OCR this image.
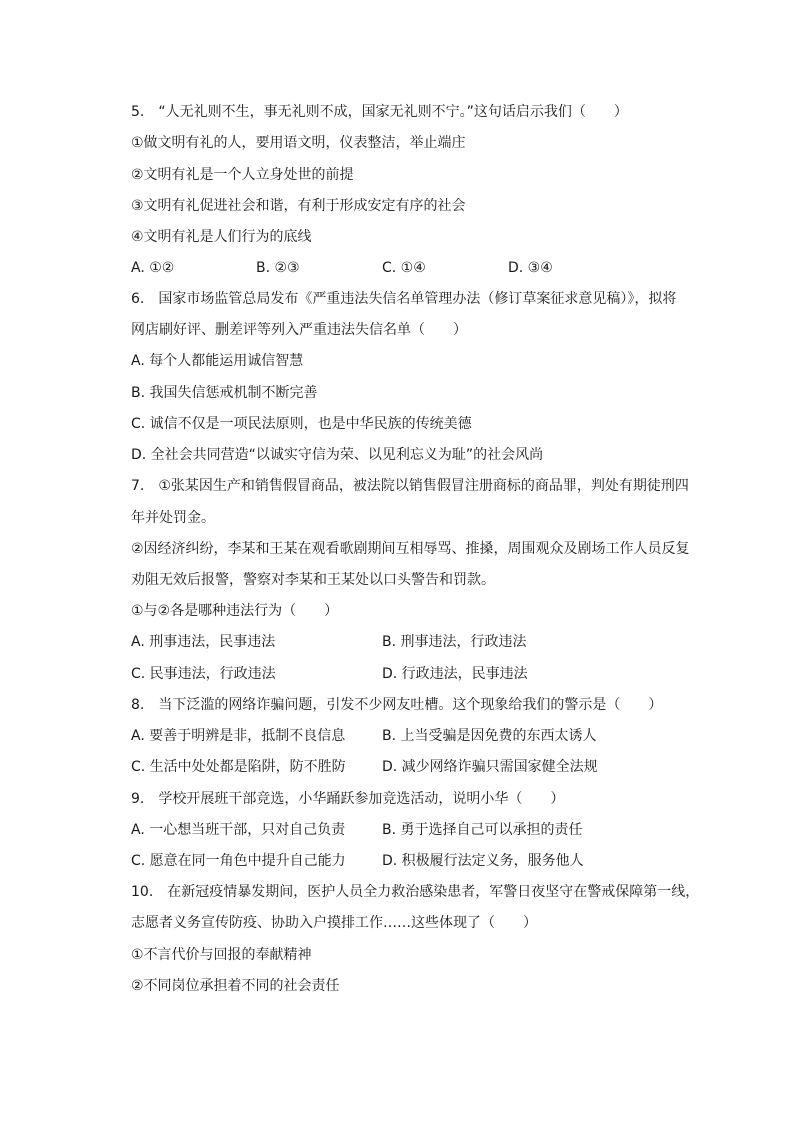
5.　“人无礼则不生，事无礼则不成，国家无礼则不宁。”这句话启示我们（　　）
①做文明有礼的人，要用语文明，仪表整洁，举止端庄
②文明有礼是一个人立身处世的前提
③文明有礼促进社会和谐，有利于形成安定有序的社会
④文明有礼是人们行为的底线
A. ①②	B. ②③	C. ①④	D. ③④
6.　国家市场监管总局发布《严重违法失信名单管理办法（修订草案征求意见稿）》，拟将
网店刷好评、删差评等列入严重违法失信名单（　　）
A. 每个人都能运用诚信智慧
B. 我国失信惩戒机制不断完善
C. 诚信不仅是一项民法原则，也是中华民族的传统美德
D. 全社会共同营造“以诚实守信为荣、以见利忘义为耻”的社会风尚
7.　①张某因生产和销售假冒商品，被法院以销售假冒注册商标的商品罪，判处有期徒刑四
年并处罚金。
②因经济纠纷，李某和王某在观看歌剧期间互相辱骂、推搡，周围观众及剧场工作人员反复
劝阻无效后报警，警察对李某和王某处以口头警告和罚款。
①与②各是哪种违法行为（　　）
A. 刑事违法，民事违法	B. 刑事违法，行政违法
C. 民事违法，行政违法	D. 行政违法，民事违法
8.　当下泛滥的网络诈骗问题，引发不少网友吐槽。这个现象给我们的警示是（　　）
A. 要善于明辨是非，抵制不良信息	B. 上当受骗是因免费的东西太诱人
C. 生活中处处都是陷阱，防不胜防	D. 减少网络诈骗只需国家健全法规
9.　学校开展班干部竞选，小华踊跃参加竞选活动，说明小华（　　）
A. 一心想当班干部，只对自己负责	B. 勇于选择自己可以承担的责任
C. 愿意在同一角色中提升自己能力	D. 积极履行法定义务，服务他人
10.　在新冠疫情暴发期间，医护人员全力救治感染患者，军警日夜坚守在警戒保障第一线，
志愿者义务宣传防疫、协助入户摸排工作……这些体现了（　　）
①不言代价与回报的奉献精神
②不同岗位承担着不同的社会责任
